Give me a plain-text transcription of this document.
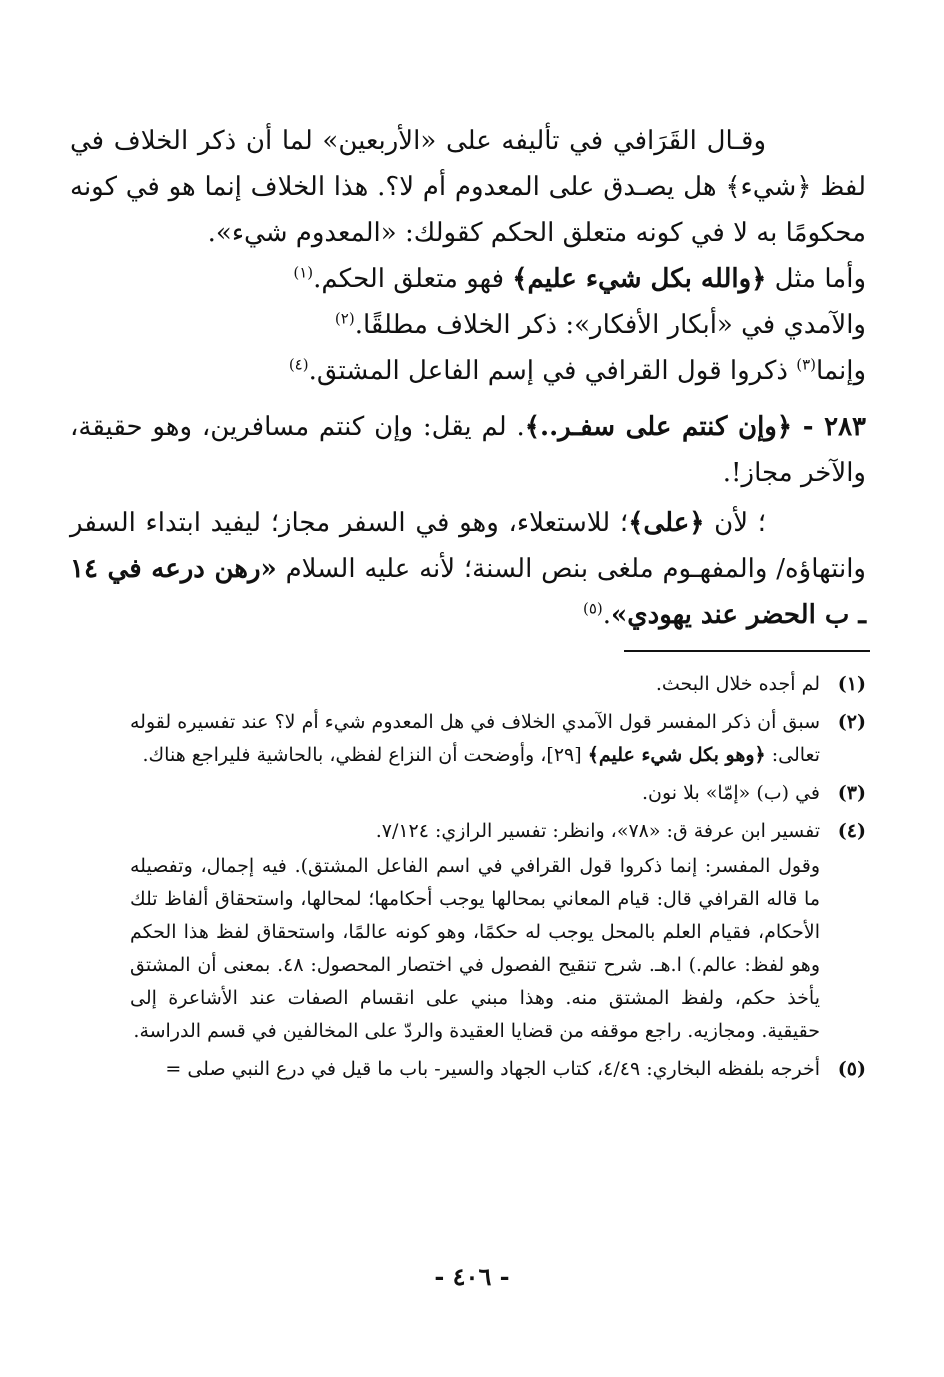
وقـال القَرَافي في تأليفه على «الأربعين» لما أن ذكر الخلاف في لفظ ﴿شيء﴾ هل يصـدق على المعدوم أم لا؟. هذا الخلاف إنما هو في كونه محكومًا به لا في كونه متعلق الحكم كقولك: «المعدوم شيء».

وأما مثل ﴿والله بكل شيء عليم﴾ فهو متعلق الحكم.$^{(١)}$

والآمدي في «أبكار الأفكار»: ذكر الخلاف مطلقًا.$^{(٢)}$

وإنما$^{(٣)}$ ذكروا قول القرافي في إسم الفاعل المشتق.$^{(٤)}$

٢٨٣ - ﴿وإن كنتم على سفـر..﴾. لم يقل: وإن كنتم مسافرين، وهو حقيقة، والآخر مجاز!.

؛ لأن ﴿على﴾؛ للاستعلاء، وهو في السفر مجاز؛ ليفيد ابتداء السفر وانتهاؤه/ والمفهـوم ملغى بنص السنة؛ لأنه عليه السلام «رهن درعه في ١٤ ـ ب الحضر عند يهودي».$^{(٥)}$

(١)
لم أجده خلال البحث.
(٢)
سبق أن ذكر المفسر قول الآمدي الخلاف في هل المعدوم شيء أم لا؟ عند تفسيره لقوله تعالى: ﴿وهو بكل شيء عليم﴾ [٢٩]، وأوضحت أن النزاع لفظي، بالحاشية فليراجع هناك.
(٣)
في (ب) «إمّا» بلا نون.
(٤)
تفسير ابن عرفة ق: «٧٨»، وانظر: تفسير الرازي: ٧/١٢٤.
وقول المفسر: إنما ذكروا قول القرافي في اسم الفاعل المشتق). فيه إجمال، وتفصيله ما قاله القرافي قال: قيام المعاني بمحالها يوجب أحكامها؛ لمحالها، واستحقاق ألفاظ تلك الأحكام، فقيام العلم بالمحل يوجب له حكمًا، وهو كونه عالمًا، واستحقاق لفظ هذا الحكم وهو لفظ: عالم.) ا.هـ. شرح تنقيح الفصول في اختصار المحصول: ٤٨. بمعنى أن المشتق يأخذ حكم، ولفظ المشتق منه. وهذا مبني على انقسام الصفات عند الأشاعرة إلى حقيقية. ومجازيه. راجع موقفه من قضايا العقيدة والردّ على المخالفين في قسم الدراسة.
(٥)
أخرجه بلفظه البخاري: ٤/٤٩، كتاب الجهاد والسير- باب ما قيل في درع النبي صلى =
- ٤٠٦ -
